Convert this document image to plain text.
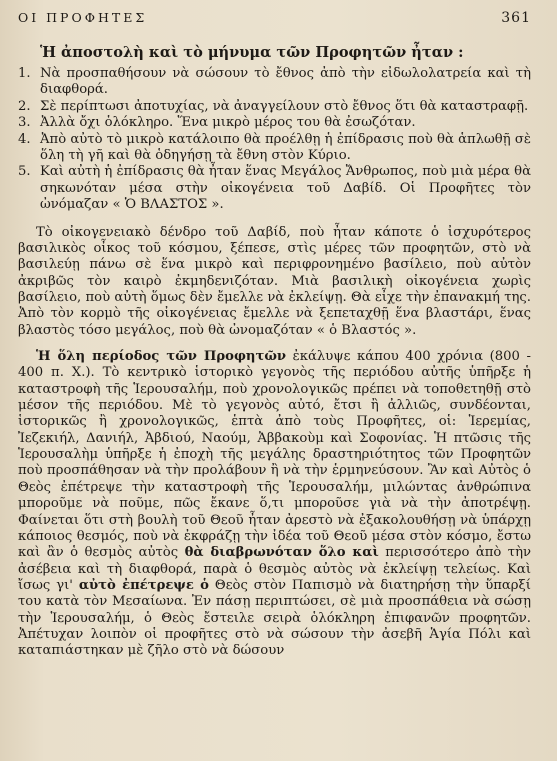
ΟΙ ΠΡΟΦΗΤΕΣ	361
Ἡ ἀποστολὴ καὶ τὸ μήνυμα τῶν Προφητῶν ἦταν :
1. Νὰ προσπαθήσουν νὰ σώσουν τὸ ἔθνος ἀπὸ τὴν εἰδωλολατρεία καὶ τὴ διαφθορά.
2. Σὲ περίπτωσι ἀποτυχίας, νὰ ἀναγγείλουν στὸ ἔθνος ὅτι θὰ καταστραφῇ.
3. Ἀλλὰ ὄχι ὁλόκληρο. Ἕνα μικρὸ μέρος του θὰ ἐσωζόταν.
4. Ἀπὸ αὐτὸ τὸ μικρὸ κατάλοιπο θὰ προέλθῃ ἡ ἐπίδρασις ποὺ θὰ ἁπλωθῇ σὲ ὅλη τὴ γῆ καὶ θὰ ὁδηγήσῃ τὰ ἔθνη στὸν Κύριο.
5. Καὶ αὐτὴ ἡ ἐπίδρασις θὰ ἦταν ἕνας Μεγάλος Ἄνθρωπος, ποὺ μιὰ μέρα θὰ σηκωνόταν μέσα στὴν οἰκογένεια τοῦ Δαβίδ. Οἱ Προφῆτες τὸν ὠνόμαζαν « Ὁ ΒΛΑΣΤΟΣ ».

Τὸ οἰκογενειακὸ δένδρο τοῦ Δαβίδ, ποὺ ἦταν κάποτε ὁ ἰσχυρότερος βασιλικὸς οἶκος τοῦ κόσμου, ξέπεσε, στὶς μέρες τῶν προφητῶν, στὸ νὰ βασιλεύῃ πάνω σὲ ἕνα μικρὸ καὶ περιφρονημένο βασίλειο, ποὺ αὐτὸν ἀκριβῶς τὸν καιρὸ ἐκμηδενιζόταν. Μιὰ βασιλικὴ οἰκογένεια χωρὶς βασίλειο, ποὺ αὐτὴ ὅμως δὲν ἔμελλε νὰ ἐκλείψῃ. Θὰ εἶχε τὴν ἐπανακμή της. Ἀπὸ τὸν κορμὸ τῆς οἰκογένειας ἔμελλε νὰ ξεπεταχθῇ ἕνα βλαστάρι, ἕνας βλαστὸς τόσο μεγάλος, ποὺ θὰ ὠνομαζόταν « ὁ Βλαστός ».

Ἡ ὅλη περίοδος τῶν Προφητῶν ἐκάλυψε κάπου 400 χρόνια (800 - 400 π. Χ.). Τὸ κεντρικὸ ἱστορικὸ γεγονὸς τῆς περιόδου αὐτῆς ὑπῆρξε ἡ καταστροφὴ τῆς Ἱερουσαλήμ, ποὺ χρονολογικῶς πρέπει νὰ τοποθετηθῇ στὸ μέσον τῆς περιόδου. Μὲ τὸ γεγονὸς αὐτό, ἔτσι ἢ ἀλλιῶς, συνδέονται, ἱστορικῶς ἢ χρονολογικῶς, ἑπτὰ ἀπὸ τοὺς Προφῆτες, οἱ: Ἱερεμίας, Ἰεζεκιήλ, Δανιήλ, Ἀβδιού, Ναούμ, Ἀββακοὺμ καὶ Σοφονίας. Ἡ πτῶσις τῆς Ἱερουσαλὴμ ὑπῆρξε ἡ ἐποχὴ τῆς μεγάλης δραστηριότητος τῶν Προφητῶν ποὺ προσπάθησαν νὰ τὴν προλάβουν ἢ νὰ τὴν ἑρμηνεύσουν. Ἂν καὶ Αὐτὸς ὁ Θεὸς ἐπέτρεψε τὴν καταστροφὴ τῆς Ἱερουσαλήμ, μιλώντας ἀνθρώπινα μποροῦμε νὰ ποῦμε, πῶς ἔκανε ὅ,τι μποροῦσε γιὰ νὰ τὴν ἀποτρέψῃ. Φαίνεται ὅτι στὴ βουλὴ τοῦ Θεοῦ ἦταν ἀρεστὸ νὰ ἐξακολουθήσῃ νὰ ὑπάρχῃ κάποιος θεσμός, ποὺ νὰ ἐκφράζῃ τὴν ἰδέα τοῦ Θεοῦ μέσα στὸν κόσμο, ἔστω καὶ ἂν ὁ θεσμὸς αὐτὸς θὰ διαβρωνόταν ὅλο καὶ περισσότερο ἀπὸ τὴν ἀσέβεια καὶ τὴ διαφθορά, παρὰ ὁ θεσμὸς αὐτὸς νὰ ἐκλείψῃ τελείως. Καὶ ἴσως γι' αὐτὸ ἐπέτρεψε ὁ Θεὸς στὸν Παπισμὸ νὰ διατηρήσῃ τὴν ὕπαρξί του κατὰ τὸν Μεσαίωνα. Ἐν πάσῃ περιπτώσει, σὲ μιὰ προσπάθεια νὰ σώσῃ τὴν Ἱερουσαλήμ, ὁ Θεὸς ἔστειλε σειρὰ ὁλόκληρη ἐπιφανῶν προφητῶν. Ἀπέτυχαν λοιπὸν οἱ προφῆτες στὸ νὰ σώσουν τὴν ἀσεβῆ Ἁγία Πόλι καὶ καταπιάστηκαν μὲ ζῆλο στὸ νὰ δώσουν
